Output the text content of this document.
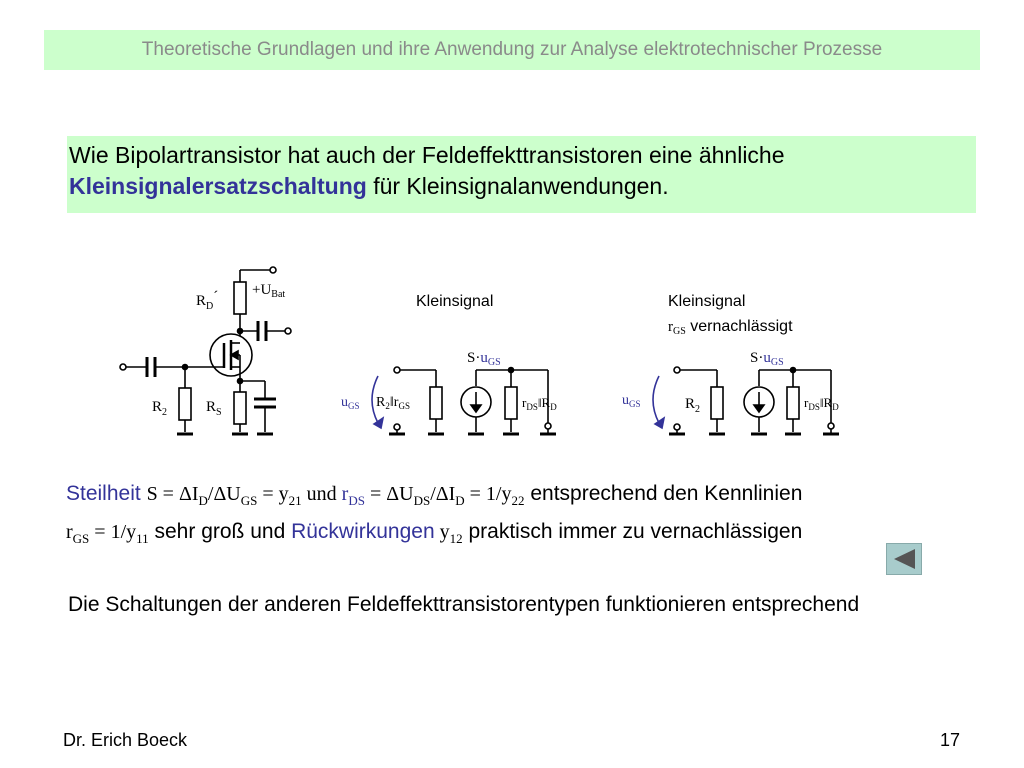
Theoretische Grundlagen und ihre Anwendung zur Analyse elektrotechnischer Prozesse
Wie Bipolartransistor hat auch der Feldeffekttransistoren eine ähnliche
Kleinsignalersatzschaltung für Kleinsignalanwendungen.
$+U_{Bat}$
$R_D´$
$R_2$	$R_S$
Kleinsignal
$S\cdot u_{GS}$
$u_{GS}$ $R_2‖r_{GS}$	$r_{DS}‖R_D$
Kleinsignal
$r_{GS}$ vernachlässigt
$S\cdot u_{GS}$
$u_{GS}$	$R_2$	$r_{DS}‖R_D$
Steilheit $S = \Delta I_D/\Delta U_{GS} = y_{21}$ und $r_{DS} = \Delta U_{DS}/\Delta I_D = 1/y_{22}$ entsprechend den Kennlinien
$r_{GS} = 1/y_{11}$ sehr groß und Rückwirkungen $y_{12}$ praktisch immer zu vernachlässigen
Die Schaltungen der anderen Feldeffekttransistorentypen funktionieren entsprechend
Dr. Erich Boeck	17
